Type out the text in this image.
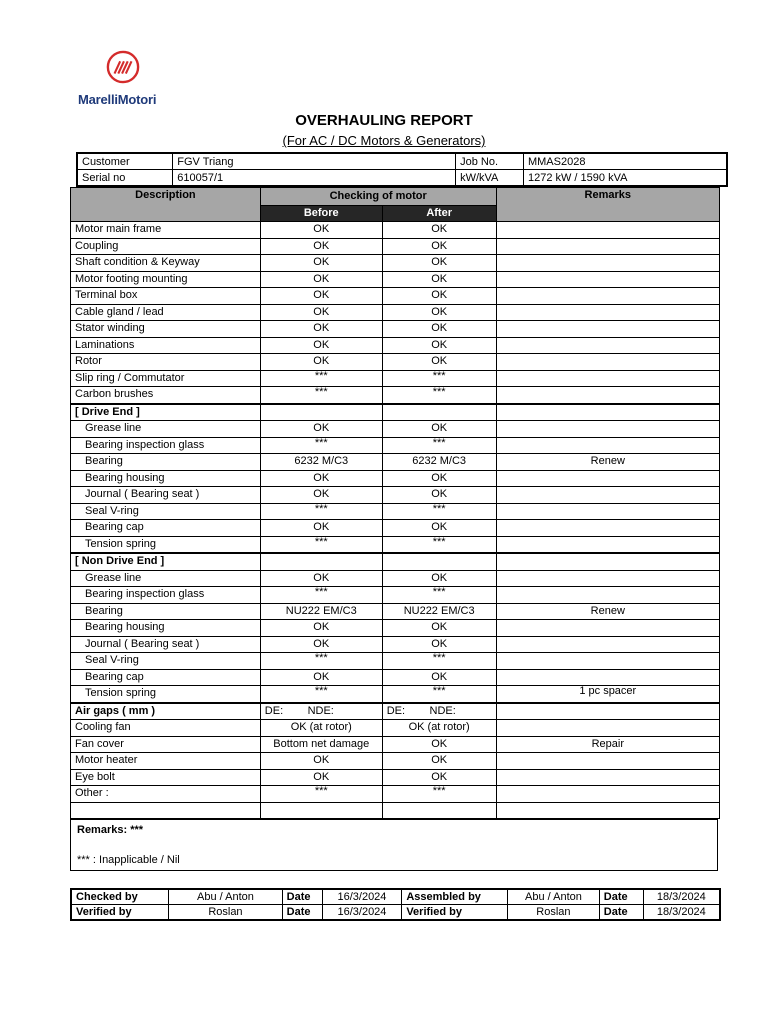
MarelliMotori
OVERHAULING REPORT
(For AC / DC Motors & Generators)
Customer	FGV Triang	Job No.	MMAS2028
Serial no	610057/1	kW/kVA	1272 kW / 1590 kVA
Description	Checking of motor		Remarks
	Before	After	
Motor main frame	OK	OK	
Coupling	OK	OK	
Shaft condition & Keyway	OK	OK	
Motor footing mounting	OK	OK	
Terminal box	OK	OK	
Cable gland / lead	OK	OK	
Stator winding	OK	OK	
Laminations	OK	OK	
Rotor	OK	OK	
Slip ring / Commutator	***	***	
Carbon brushes	***	***	
[ Drive End ]			
Grease line	OK	OK	
Bearing inspection glass	***	***	
Bearing	6232 M/C3	6232 M/C3	Renew
Bearing housing	OK	OK	
Journal ( Bearing seat )	OK	OK	
Seal V-ring	***	***	
Bearing cap	OK	OK	
Tension spring	***	***	
[ Non Drive End ]			
Grease line	OK	OK	
Bearing inspection glass	***	***	
Bearing	NU222 EM/C3	NU222 EM/C3	Renew
Bearing housing	OK	OK	
Journal ( Bearing seat )	OK	OK	
Seal V-ring	***	***	
Bearing cap	OK	OK	
Tension spring	***	***	1 pc spacer
Air gaps ( mm )	DE:        NDE:	DE:        NDE:	
Cooling fan	OK (at rotor)	OK (at rotor)	
Fan cover	Bottom net damage	OK	Repair
Motor heater	OK	OK	
Eye bolt	OK	OK	
Other :	***	***	

Remarks: ***
*** : Inapplicable / Nil
Checked by	Abu / Anton	Date	16/3/2024	Assembled by	Abu / Anton	Date	18/3/2024
Verified by	Roslan	Date	16/3/2024	Verified by	Roslan	Date	18/3/2024
